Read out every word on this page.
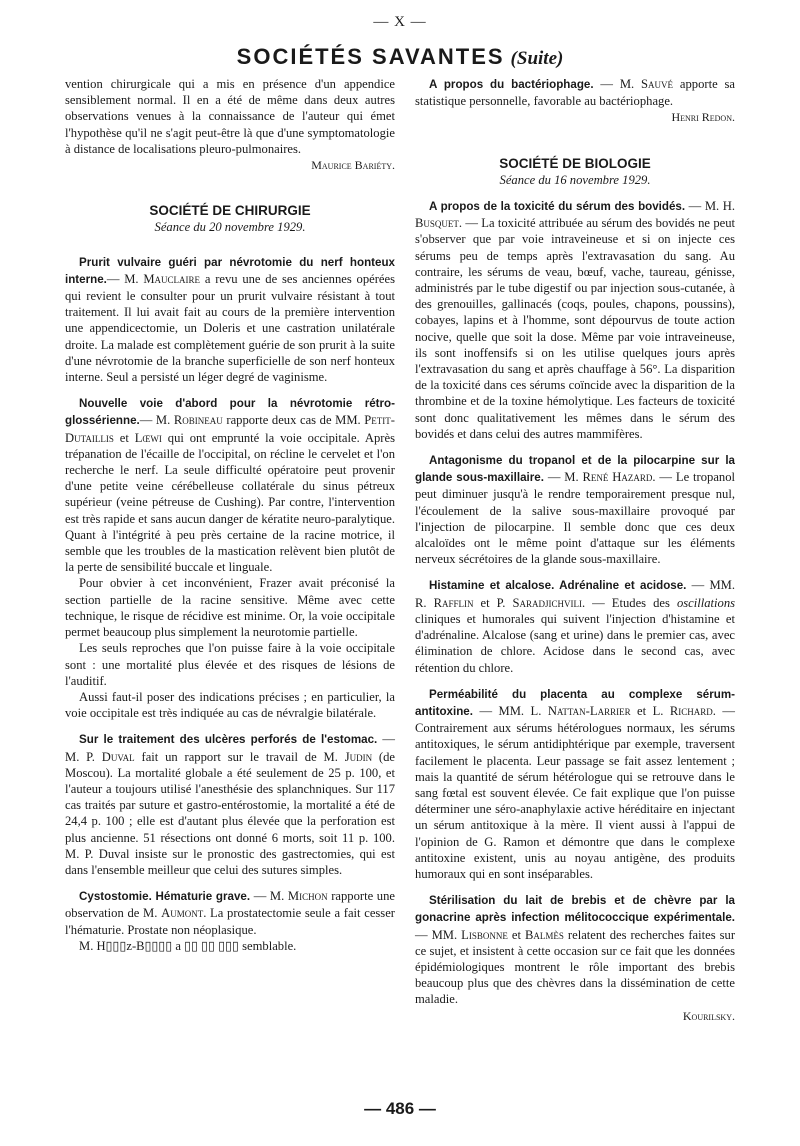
— X —
SOCIÉTÉS SAVANTES (Suite)

vention chirurgicale qui a mis en présence d'un appendice sensiblement normal. Il en a été de même dans deux autres observations venues à la connaissance de l'auteur qui émet l'hypothèse qu'il ne s'agit peut-être là que d'une symptomatologie à distance de localisations pleuro-pulmonaires.

Maurice Bariéty.

SOCIÉTÉ DE CHIRURGIE

Séance du 20 novembre 1929.

Prurit vulvaire guéri par névrotomie du nerf honteux interne.— M. Mauclaire a revu une de ses anciennes opérées qui revient le consulter pour un prurit vulvaire résistant à tout traitement. Il lui avait fait au cours de la première intervention une appendicectomie, un Doleris et une castration unilatérale droite. La malade est complètement guérie de son prurit à la suite d'une névrotomie de la branche superficielle de son nerf honteux interne. Seul a persisté un léger degré de vaginisme.

Nouvelle voie d'abord pour la névrotomie rétro-glossérienne.— M. Robineau rapporte deux cas de MM. Petit-Dutaillis et Lœwi qui ont emprunté la voie occipitale. Après trépanation de l'écaille de l'occipital, on récline le cervelet et l'on recherche le nerf. La seule difficulté opératoire peut provenir d'une petite veine cérébelleuse collatérale du sinus pétreux supérieur (veine pétreuse de Cushing). Par contre, l'intervention est très rapide et sans aucun danger de kératite neuro-paralytique. Quant à l'intégrité à peu près certaine de la racine motrice, il semble que les troubles de la mastication relèvent bien plutôt de la perte de sensibilité buccale et linguale.

Pour obvier à cet inconvénient, Frazer avait préconisé la section partielle de la racine sensitive. Même avec cette technique, le risque de récidive est minime. Or, la voie occipitale permet beaucoup plus simplement la neurotomie partielle.

Les seuls reproches que l'on puisse faire à la voie occipitale sont : une mortalité plus élevée et des risques de lésions de l'auditif.

Aussi faut-il poser des indications précises ; en particulier, la voie occipitale est très indiquée au cas de névralgie bilatérale.

Sur le traitement des ulcères perforés de l'estomac. — M. P. Duval fait un rapport sur le travail de M. Judin (de Moscou). La mortalité globale a été seulement de 25 p. 100, et l'auteur a toujours utilisé l'anesthésie des splanchniques. Sur 117 cas traités par suture et gastro-entérostomie, la mortalité a été de 24,4 p. 100 ; elle est d'autant plus élevée que la perforation est plus ancienne. 51 résections ont donné 6 morts, soit 11 p. 100. M. P. Duval insiste sur le pronostic des gastrectomies, qui est dans l'ensemble meilleur que celui des sutures simples.

Cystostomie. Hématurie grave. — M. Michon rapporte une observation de M. Aumont. La prostatectomie seule a fait cesser l'hématurie. Prostate non néoplasique.

M. H▯▯▯z-B▯▯▯▯ a ▯▯ ▯▯ ▯▯▯ semblable.

A propos du bactériophage. — M. Sauvé apporte sa statistique personnelle, favorable au bactériophage.

Henri Redon.

SOCIÉTÉ DE BIOLOGIE

Séance du 16 novembre 1929.

A propos de la toxicité du sérum des bovidés. — M. H. Busquet. — La toxicité attribuée au sérum des bovidés ne peut s'observer que par voie intraveineuse et si on injecte ces sérums peu de temps après l'extravasation du sang. Au contraire, les sérums de veau, bœuf, vache, taureau, génisse, administrés par le tube digestif ou par injection sous-cutanée, à des grenouilles, gallinacés (coqs, poules, chapons, poussins), cobayes, lapins et à l'homme, sont dépourvus de toute action nocive, quelle que soit la dose. Même par voie intraveineuse, ils sont inoffensifs si on les utilise quelques jours après l'extravasation du sang et après chauffage à 56°. La disparition de la toxicité dans ces sérums coïncide avec la disparition de la thrombine et de la toxine hémolytique. Les facteurs de toxicité sont donc qualitativement les mêmes dans le sérum des bovidés et dans celui des autres mammifères.

Antagonisme du tropanol et de la pilocarpine sur la glande sous-maxillaire. — M. René Hazard. — Le tropanol peut diminuer jusqu'à le rendre temporairement presque nul, l'écoulement de la salive sous-maxillaire provoqué par l'injection de pilocarpine. Il semble donc que ces deux alcaloïdes ont le même point d'attaque sur les éléments nerveux sécrétoires de la glande sous-maxillaire.

Histamine et alcalose. Adrénaline et acidose. — MM. R. Rafflin et P. Saradjichvili. — Etudes des oscillations cliniques et humorales qui suivent l'injection d'histamine et d'adrénaline. Alcalose (sang et urine) dans le premier cas, avec élimination de chlore. Acidose dans le second cas, avec rétention du chlore.

Perméabilité du placenta au complexe sérum-antitoxine. — MM. L. Nattan-Larrier et L. Richard. — Contrairement aux sérums hétérologues normaux, les sérums antitoxiques, le sérum antidiphtérique par exemple, traversent facilement le placenta. Leur passage se fait assez lentement ; mais la quantité de sérum hétérologue qui se retrouve dans le sang fœtal est souvent élevée. Ce fait explique que l'on puisse déterminer une séro-anaphylaxie active héréditaire en injectant un sérum antitoxique à la mère. Il vient aussi à l'appui de l'opinion de G. Ramon et démontre que dans le complexe antitoxine existent, unis au noyau antigène, des produits humoraux qui en sont inséparables.

Stérilisation du lait de brebis et de chèvre par la gonacrine après infection mélitococcique expérimentale. — MM. Lisbonne et Balmès relatent des recherches faites sur ce sujet, et insistent à cette occasion sur ce fait que les données épidémiologiques montrent le rôle important des brebis beaucoup plus que des chèvres dans la dissémination de cette maladie.

Kourilsky.

— 486 —
